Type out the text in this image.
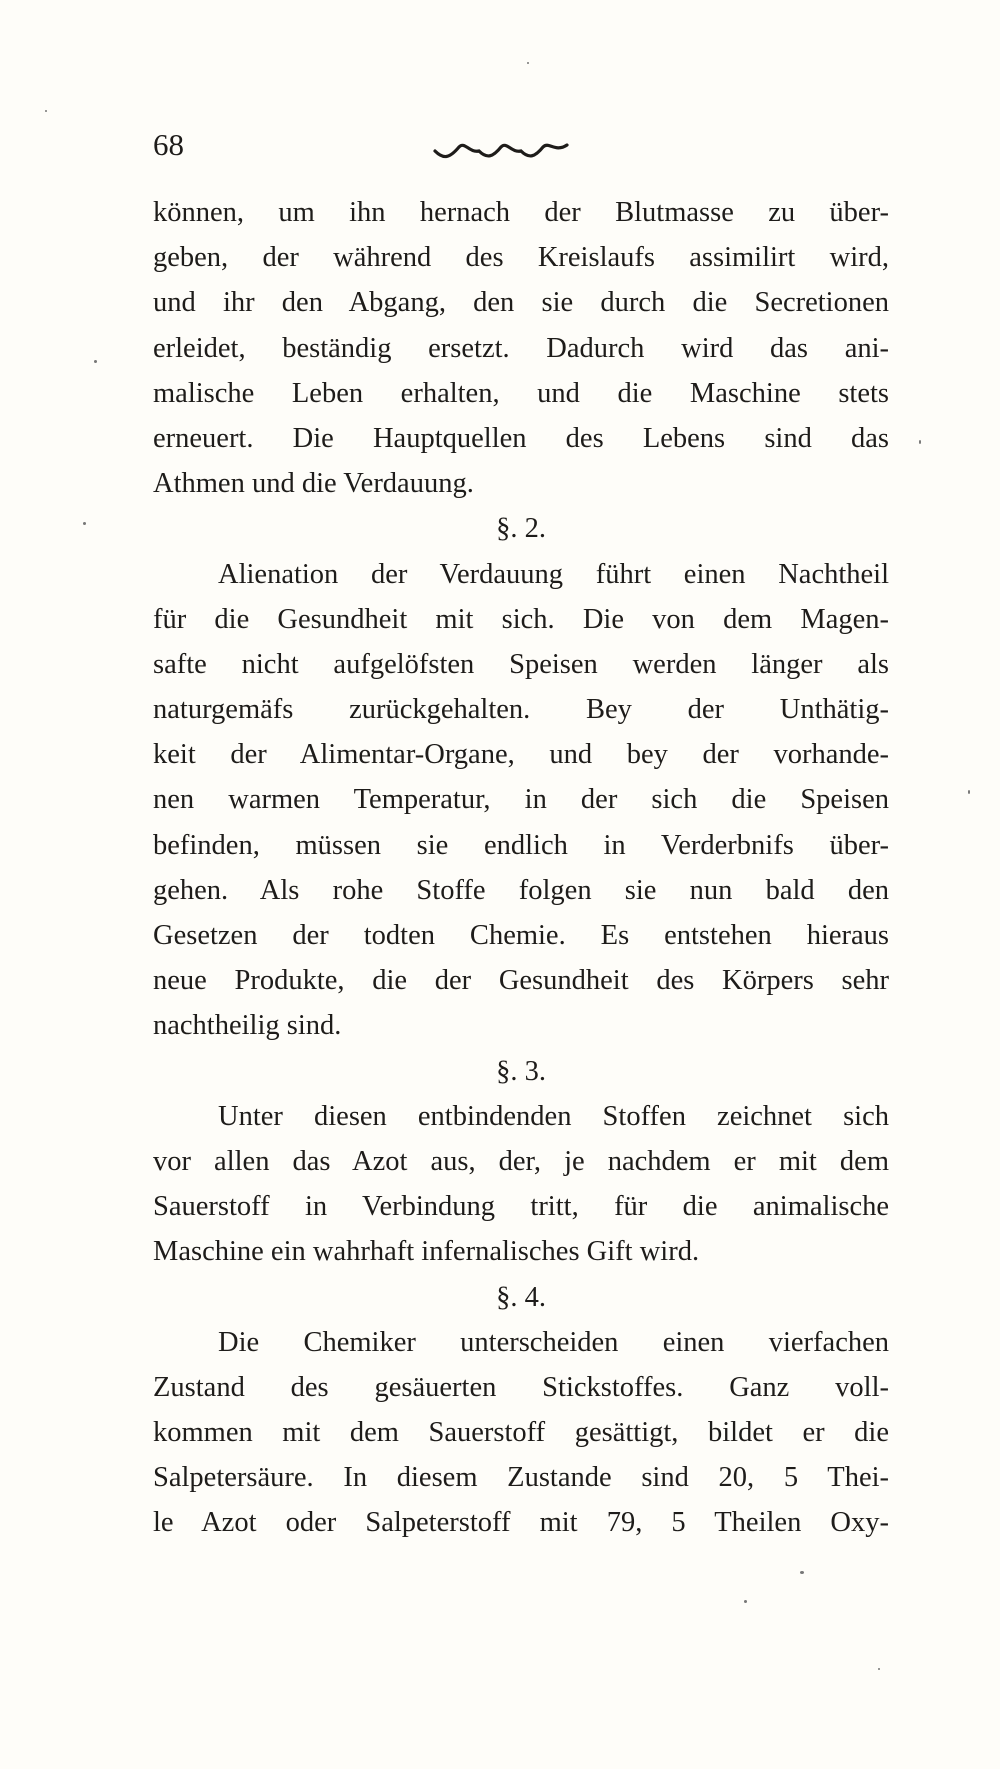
68
können, um ihn hernach der Blutmasse zu über-
geben, der während des Kreislaufs assimilirt wird,
und ihr den Abgang, den sie durch die Secretionen
erleidet, beständig ersetzt. Dadurch wird das ani-
malische Leben erhalten, und die Maschine stets
erneuert. Die Hauptquellen des Lebens sind das
Athmen und die Verdauung.
§. 2.
Alienation der Verdauung führt einen Nachtheil
für die Gesundheit mit sich. Die von dem Magen-
safte nicht aufgelöfsten Speisen werden länger als
naturgemäfs zurückgehalten. Bey der Unthätig-
keit der Alimentar-Organe, und bey der vorhande-
nen warmen Temperatur, in der sich die Speisen
befinden, müssen sie endlich in Verderbnifs über-
gehen. Als rohe Stoffe folgen sie nun bald den
Gesetzen der todten Chemie. Es entstehen hieraus
neue Produkte, die der Gesundheit des Körpers sehr
nachtheilig sind.
§. 3.
Unter diesen entbindenden Stoffen zeichnet sich
vor allen das Azot aus, der, je nachdem er mit dem
Sauerstoff in Verbindung tritt, für die animalische
Maschine ein wahrhaft infernalisches Gift wird.
§. 4.
Die Chemiker unterscheiden einen vierfachen
Zustand des gesäuerten Stickstoffes. Ganz voll-
kommen mit dem Sauerstoff gesättigt, bildet er die
Salpetersäure. In diesem Zustande sind 20, 5 Thei-
le Azot oder Salpeterstoff mit 79, 5 Theilen Oxy-
